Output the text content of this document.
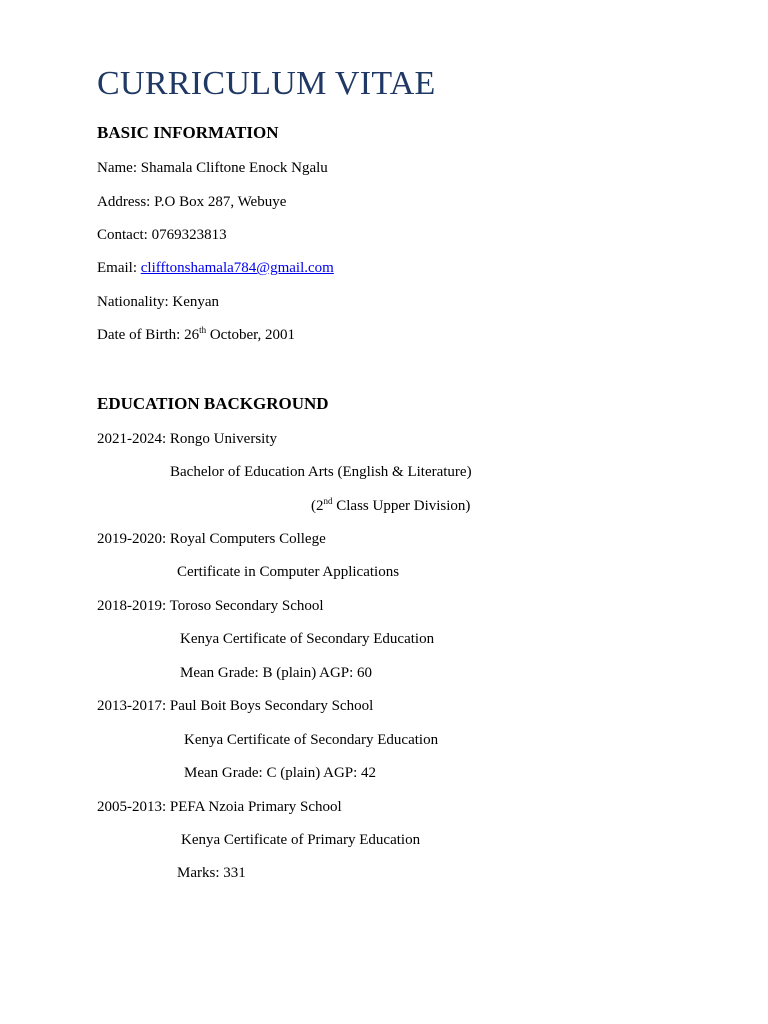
CURRICULUM VITAE
BASIC INFORMATION
Name: Shamala Cliftone Enock Ngalu
Address: P.O Box 287, Webuye
Contact: 0769323813
Email: clifftonshamala784@gmail.com
Nationality: Kenyan
Date of Birth: 26th October, 2001
EDUCATION BACKGROUND
2021-2024: Rongo University
Bachelor of Education Arts (English & Literature)
(2nd Class Upper Division)
2019-2020: Royal Computers College
Certificate in Computer Applications
2018-2019: Toroso Secondary School
Kenya Certificate of Secondary Education
Mean Grade: B (plain) AGP: 60
2013-2017: Paul Boit Boys Secondary School
Kenya Certificate of Secondary Education
Mean Grade: C (plain) AGP: 42
2005-2013: PEFA Nzoia Primary School
Kenya Certificate of Primary Education
Marks: 331
